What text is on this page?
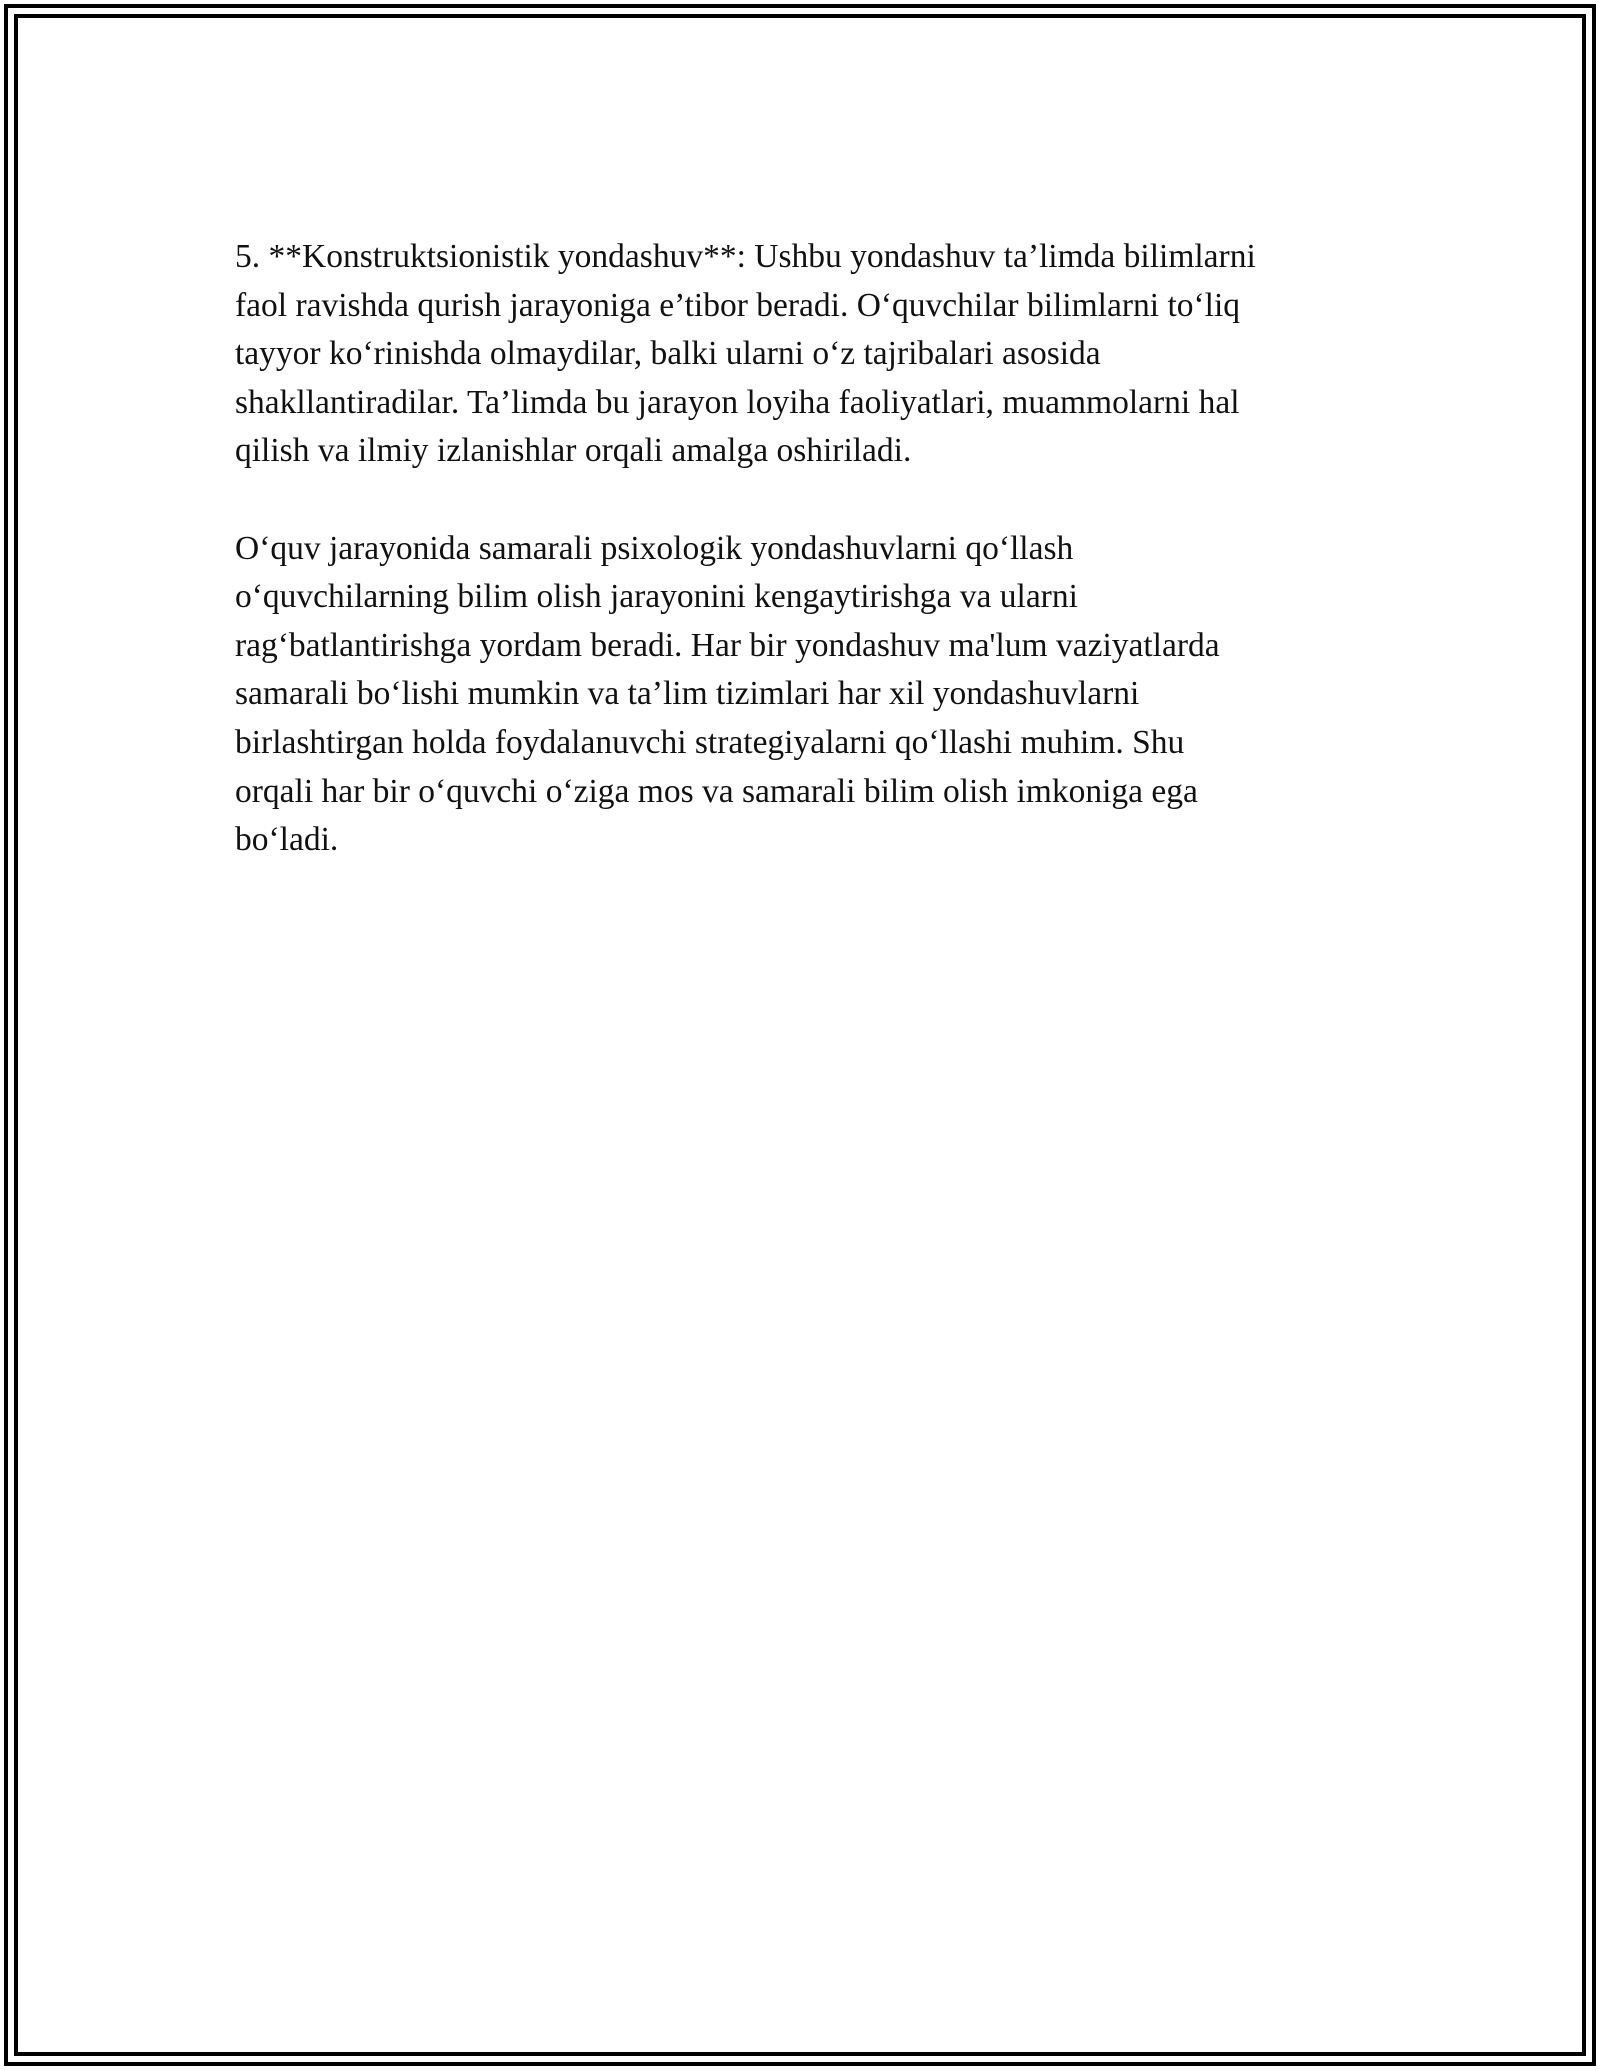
5. **Konstruktsionistik yondashuv**: Ushbu yondashuv ta’limda bilimlarni
faol ravishda qurish jarayoniga e’tibor beradi. O‘quvchilar bilimlarni to‘liq
tayyor ko‘rinishda olmaydilar, balki ularni o‘z tajribalari asosida
shakllantiradilar. Ta’limda bu jarayon loyiha faoliyatlari, muammolarni hal
qilish va ilmiy izlanishlar orqali amalga oshiriladi.

O‘quv jarayonida samarali psixologik yondashuvlarni qo‘llash
o‘quvchilarning bilim olish jarayonini kengaytirishga va ularni
rag‘batlantirishga yordam beradi. Har bir yondashuv ma'lum vaziyatlarda
samarali bo‘lishi mumkin va ta’lim tizimlari har xil yondashuvlarni
birlashtirgan holda foydalanuvchi strategiyalarni qo‘llashi muhim. Shu
orqali har bir o‘quvchi o‘ziga mos va samarali bilim olish imkoniga ega
bo‘ladi.
